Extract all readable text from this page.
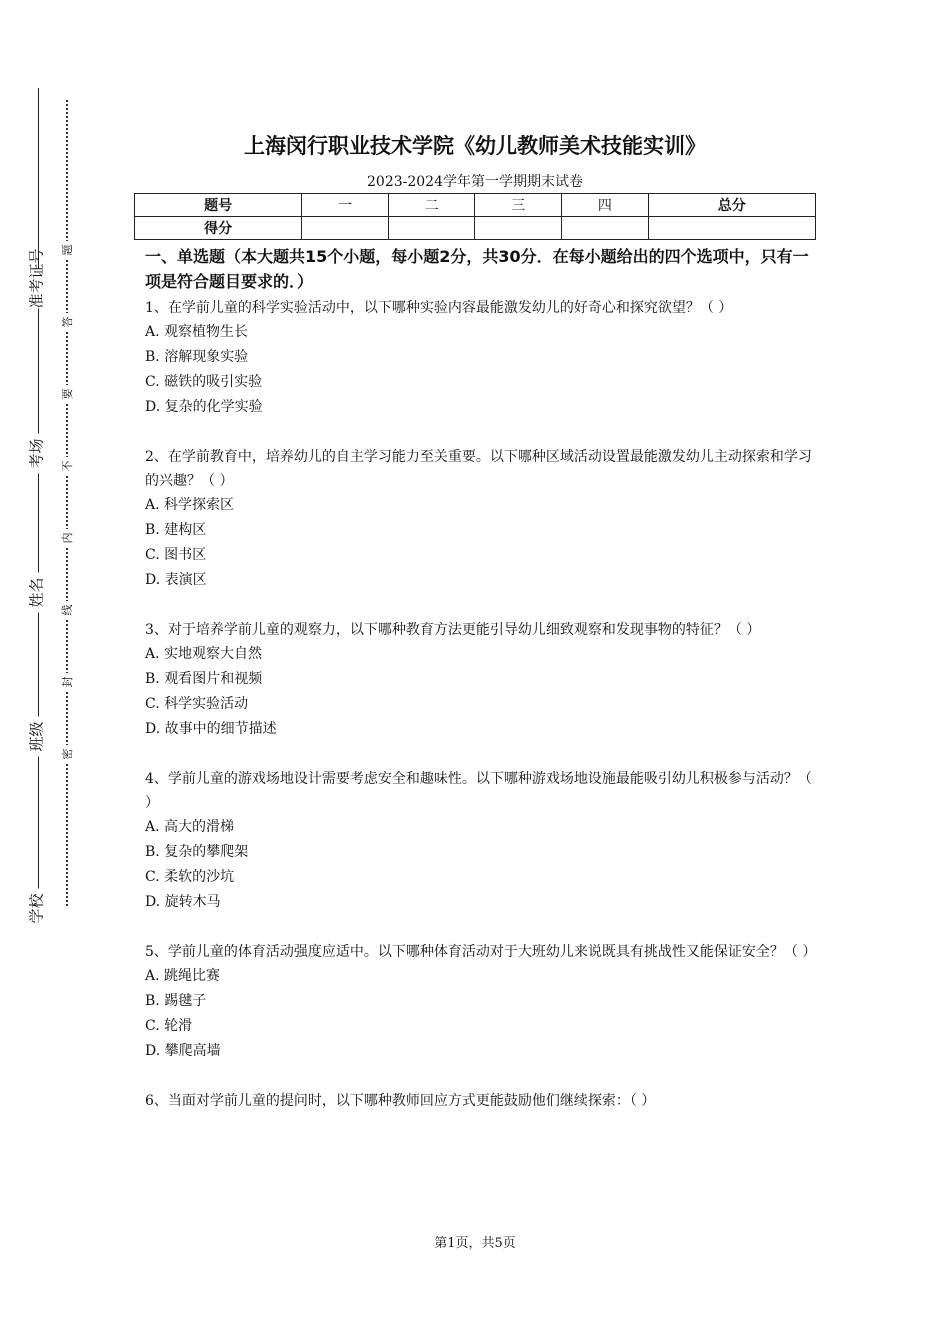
准考证号
考场
姓名
班级
学校
题
答
要
不
内
线
封
密
上海闵行职业技术学院《幼儿教师美术技能实训》
2023-2024学年第一学期期末试卷
题号	一	二	三	四	总分
得分					
一、单选题（本大题共15个小题，每小题2分，共30分．在每小题给出的四个选项中，只有一项是符合题目要求的．）
1、在学前儿童的科学实验活动中，以下哪种实验内容最能激发幼儿的好奇心和探究欲望？（ ）
A. 观察植物生长
B. 溶解现象实验
C. 磁铁的吸引实验
D. 复杂的化学实验
2、在学前教育中，培养幼儿的自主学习能力至关重要。以下哪种区域活动设置最能激发幼儿主动探索和学习的兴趣？（ ）
A. 科学探索区
B. 建构区
C. 图书区
D. 表演区
3、对于培养学前儿童的观察力，以下哪种教育方法更能引导幼儿细致观察和发现事物的特征？（ ）
A. 实地观察大自然
B. 观看图片和视频
C. 科学实验活动
D. 故事中的细节描述
4、学前儿童的游戏场地设计需要考虑安全和趣味性。以下哪种游戏场地设施最能吸引幼儿积极参与活动？（ ）
A. 高大的滑梯
B. 复杂的攀爬架
C. 柔软的沙坑
D. 旋转木马
5、学前儿童的体育活动强度应适中。以下哪种体育活动对于大班幼儿来说既具有挑战性又能保证安全？（ ）
A. 跳绳比赛
B. 踢毽子
C. 轮滑
D. 攀爬高墙
6、当面对学前儿童的提问时，以下哪种教师回应方式更能鼓励他们继续探索：（ ）
第1页，共5页
